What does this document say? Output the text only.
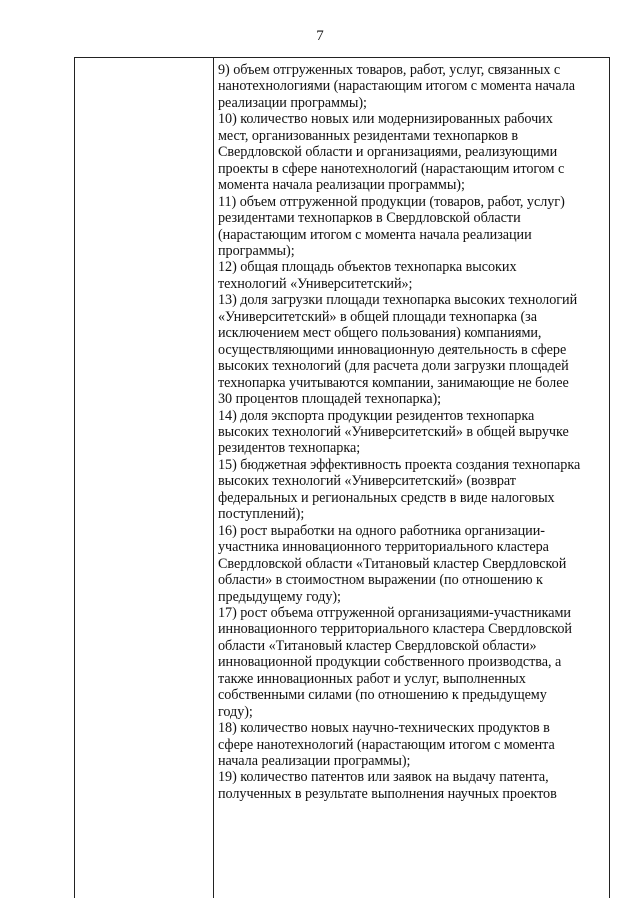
7
9) объем отгруженных товаров, работ, услуг, связанных с
нанотехнологиями (нарастающим итогом с момента начала
реализации программы);
10) количество новых или модернизированных рабочих
мест, организованных резидентами технопарков в
Свердловской области и организациями, реализующими
проекты в сфере нанотехнологий (нарастающим итогом с
момента начала реализации программы);
11) объем отгруженной продукции (товаров, работ, услуг)
резидентами технопарков в Свердловской области
(нарастающим итогом с момента начала реализации
программы);
12) общая площадь объектов технопарка высоких
технологий «Университетский»;
13) доля загрузки площади технопарка высоких технологий
«Университетский» в общей площади технопарка (за
исключением мест общего пользования) компаниями,
осуществляющими инновационную деятельность в сфере
высоких технологий (для расчета доли загрузки площадей
технопарка учитываются компании, занимающие не более
30 процентов площадей технопарка);
14) доля экспорта продукции резидентов технопарка
высоких технологий «Университетский» в общей выручке
резидентов технопарка;
15) бюджетная эффективность проекта создания технопарка
высоких технологий «Университетский» (возврат
федеральных и региональных средств в виде налоговых
поступлений);
16) рост выработки на одного работника организации-
участника инновационного территориального кластера
Свердловской области «Титановый кластер Свердловской
области» в стоимостном выражении (по отношению к
предыдущему году);
17) рост объема отгруженной организациями-участниками
инновационного территориального кластера Свердловской
области «Титановый кластер Свердловской области»
инновационной продукции собственного производства, а
также инновационных работ и услуг, выполненных
собственными силами (по отношению к предыдущему
году);
18) количество новых научно-технических продуктов в
сфере нанотехнологий (нарастающим итогом с момента
начала реализации программы);
19) количество патентов или заявок на выдачу патента,
полученных в результате выполнения научных проектов
